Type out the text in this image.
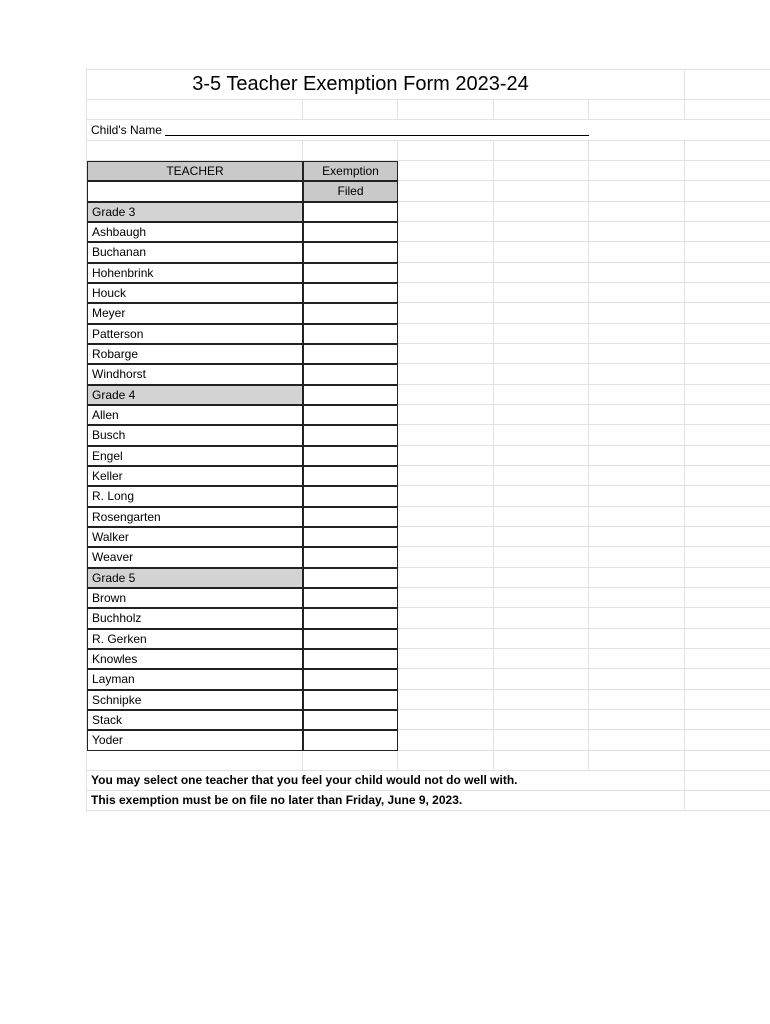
3-5 Teacher Exemption Form 2023-24
Child's Name
TEACHER	Exemption
Filed
Grade 3
Ashbaugh
Buchanan
Hohenbrink
Houck
Meyer
Patterson
Robarge
Windhorst
Grade 4
Allen
Busch
Engel
Keller
R. Long
Rosengarten
Walker
Weaver
Grade 5
Brown
Buchholz
R. Gerken
Knowles
Layman
Schnipke
Stack
Yoder
You may select one teacher that you feel your child would not do well with.
This exemption must be on file no later than Friday, June 9, 2023.
